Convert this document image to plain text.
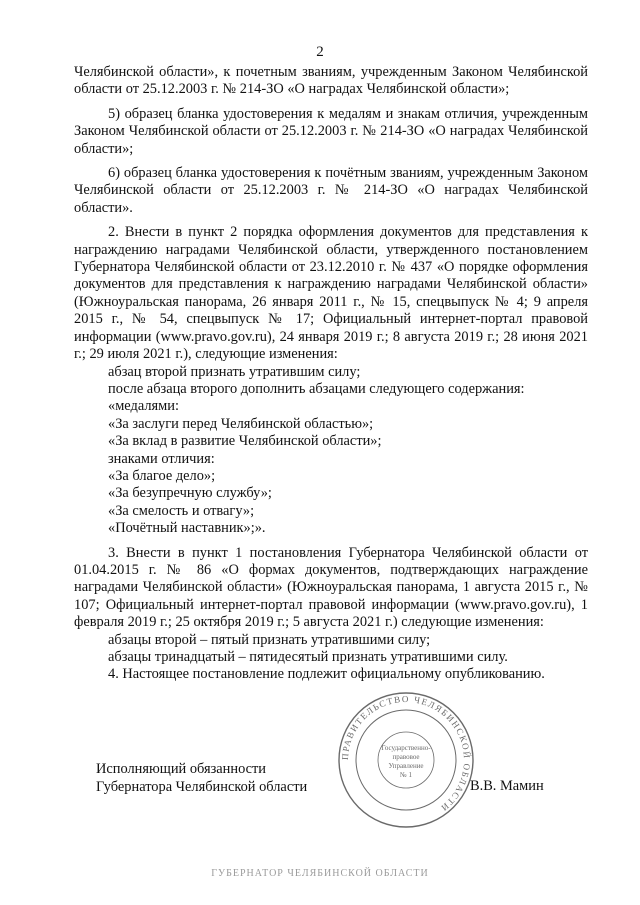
2

Челябинской области», к почетным званиям, учрежденным Законом Челябинской области от 25.12.2003 г. № 214-ЗО «О наградах Челябинской области»;

5) образец бланка удостоверения к медалям и знакам отличия, учрежденным Законом Челябинской области от 25.12.2003 г. № 214-ЗО «О наградах Челябинской области»;

6) образец бланка удостоверения к почётным званиям, учрежденным Законом Челябинской области от 25.12.2003 г. № 214-ЗО «О наградах Челябинской области».

2. Внести в пункт 2 порядка оформления документов для представления к награждению наградами Челябинской области, утвержденного постановлением Губернатора Челябинской области от 23.12.2010 г. № 437 «О порядке оформления документов для представления к награждению наградами Челябинской области» (Южноуральская панорама, 26 января 2011 г., № 15, спецвыпуск № 4; 9 апреля 2015 г., № 54, спецвыпуск № 17; Официальный интернет-портал правовой информации (www.pravo.gov.ru), 24 января 2019 г.; 8 августа 2019 г.; 28 июня 2021 г.; 29 июля 2021 г.), следующие изменения:

абзац второй признать утратившим силу;

после абзаца второго дополнить абзацами следующего содержания:

«медалями:

«За заслуги перед Челябинской областью»;

«За вклад в развитие Челябинской области»;

знаками отличия:

«За благое дело»;

«За безупречную службу»;

«За смелость и отвагу»;

«Почётный наставник»;».

3. Внести в пункт 1 постановления Губернатора Челябинской области от 01.04.2015 г. № 86 «О формах документов, подтверждающих награждение наградами Челябинской области» (Южноуральская панорама, 1 августа 2015 г., № 107; Официальный интернет-портал правовой информации (www.pravo.gov.ru), 1 февраля 2019 г.; 25 октября 2019 г.; 5 августа 2021 г.) следующие изменения:

абзацы второй – пятый признать утратившими силу;

абзацы тринадцатый – пятидесятый признать утратившими силу.

4. Настоящее постановление подлежит официальному опубликованию.

ПРАВИТЕЛЬСТВО ЧЕЛЯБИНСКОЙ ОБЛАСТИ
Государственно-
правовое
Управление
№ 1
Исполняющий обязанности
Губернатора Челябинской области	В.В. Мамин
ГУБЕРНАТОР ЧЕЛЯБИНСКОЙ ОБЛАСТИ
